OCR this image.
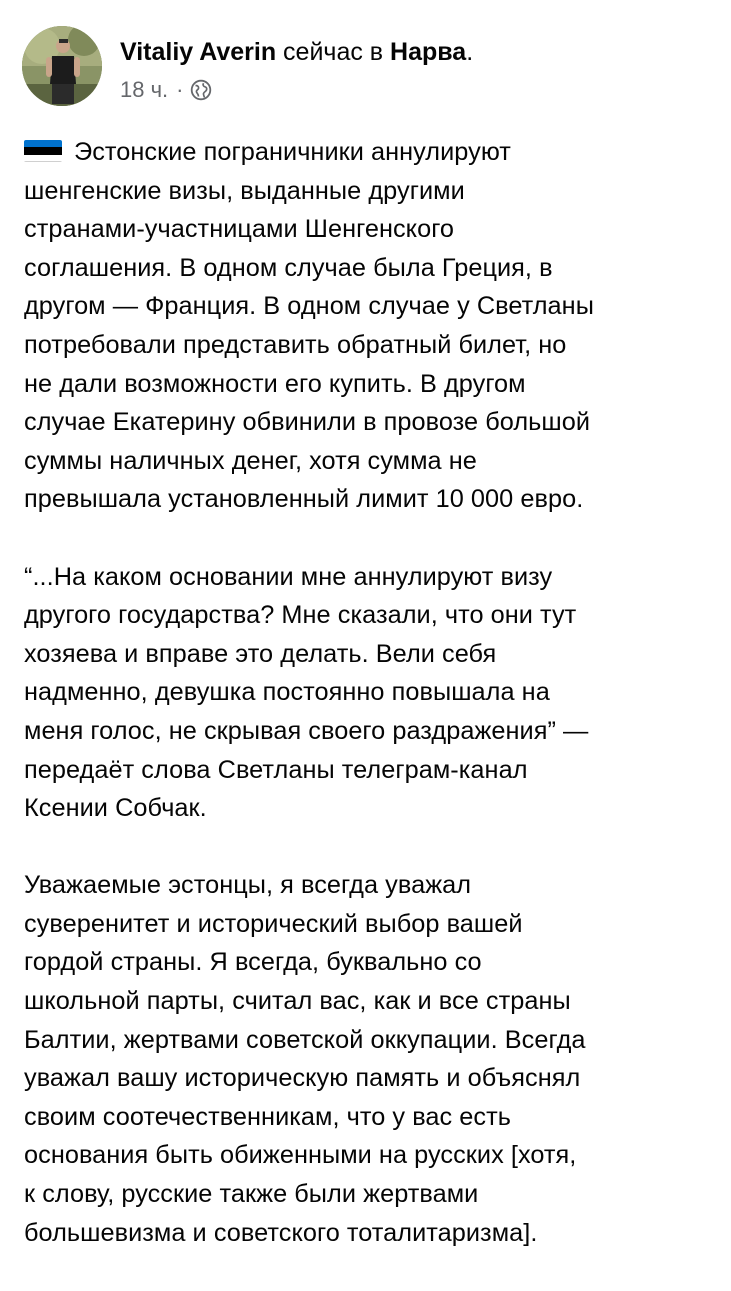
Vitaliy Averin сейчас в Нарва.
18 ч. ·

Эстонские пограничники аннулируют
шенгенские визы, выданные другими
странами-участницами Шенгенского
соглашения. В одном случае была Греция, в
другом — Франция. В одном случае у Светланы
потребовали представить обратный билет, но
не дали возможности его купить. В другом
случае Екатерину обвинили в провозе большой
суммы наличных денег, хотя сумма не
превышала установленный лимит 10 000 евро.

“...На каком основании мне аннулируют визу
другого государства? Мне сказали, что они тут
хозяева и вправе это делать. Вели себя
надменно, девушка постоянно повышала на
меня голос, не скрывая своего раздражения” —
передаёт слова Светланы телеграм-канал
Ксении Собчак.

Уважаемые эстонцы, я всегда уважал
суверенитет и исторический выбор вашей
гордой страны. Я всегда, буквально со
школьной парты, считал вас, как и все страны
Балтии, жертвами советской оккупации. Всегда
уважал вашу историческую память и объяснял
своим соотечественникам, что у вас есть
основания быть обиженными на русских [хотя,
к слову, русские также были жертвами
большевизма и советского тоталитаризма].
